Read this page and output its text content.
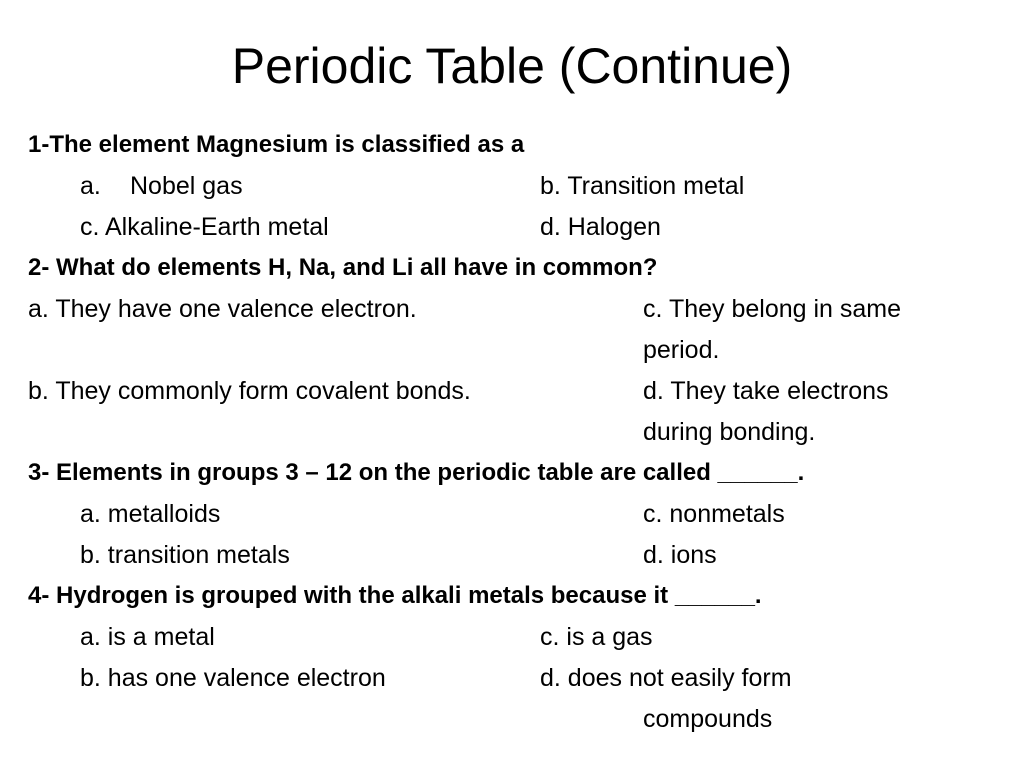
Periodic Table (Continue)
1-The element Magnesium is classified as a
a. Nobel gas	b. Transition metal
c. Alkaline-Earth metal	d. Halogen
2- What do elements H, Na, and Li all have in common?
a. They have one valence electron.	c. They belong in same
period.
b. They commonly form covalent bonds.	d. They take electrons
during bonding.
3- Elements in groups 3 – 12 on the periodic table are called ______.
a. metalloids	c. nonmetals
b. transition metals	d. ions
4- Hydrogen is grouped with the alkali metals because it ______.
a. is a metal	c. is a gas
b. has one valence electron	d. does not easily form
compounds
